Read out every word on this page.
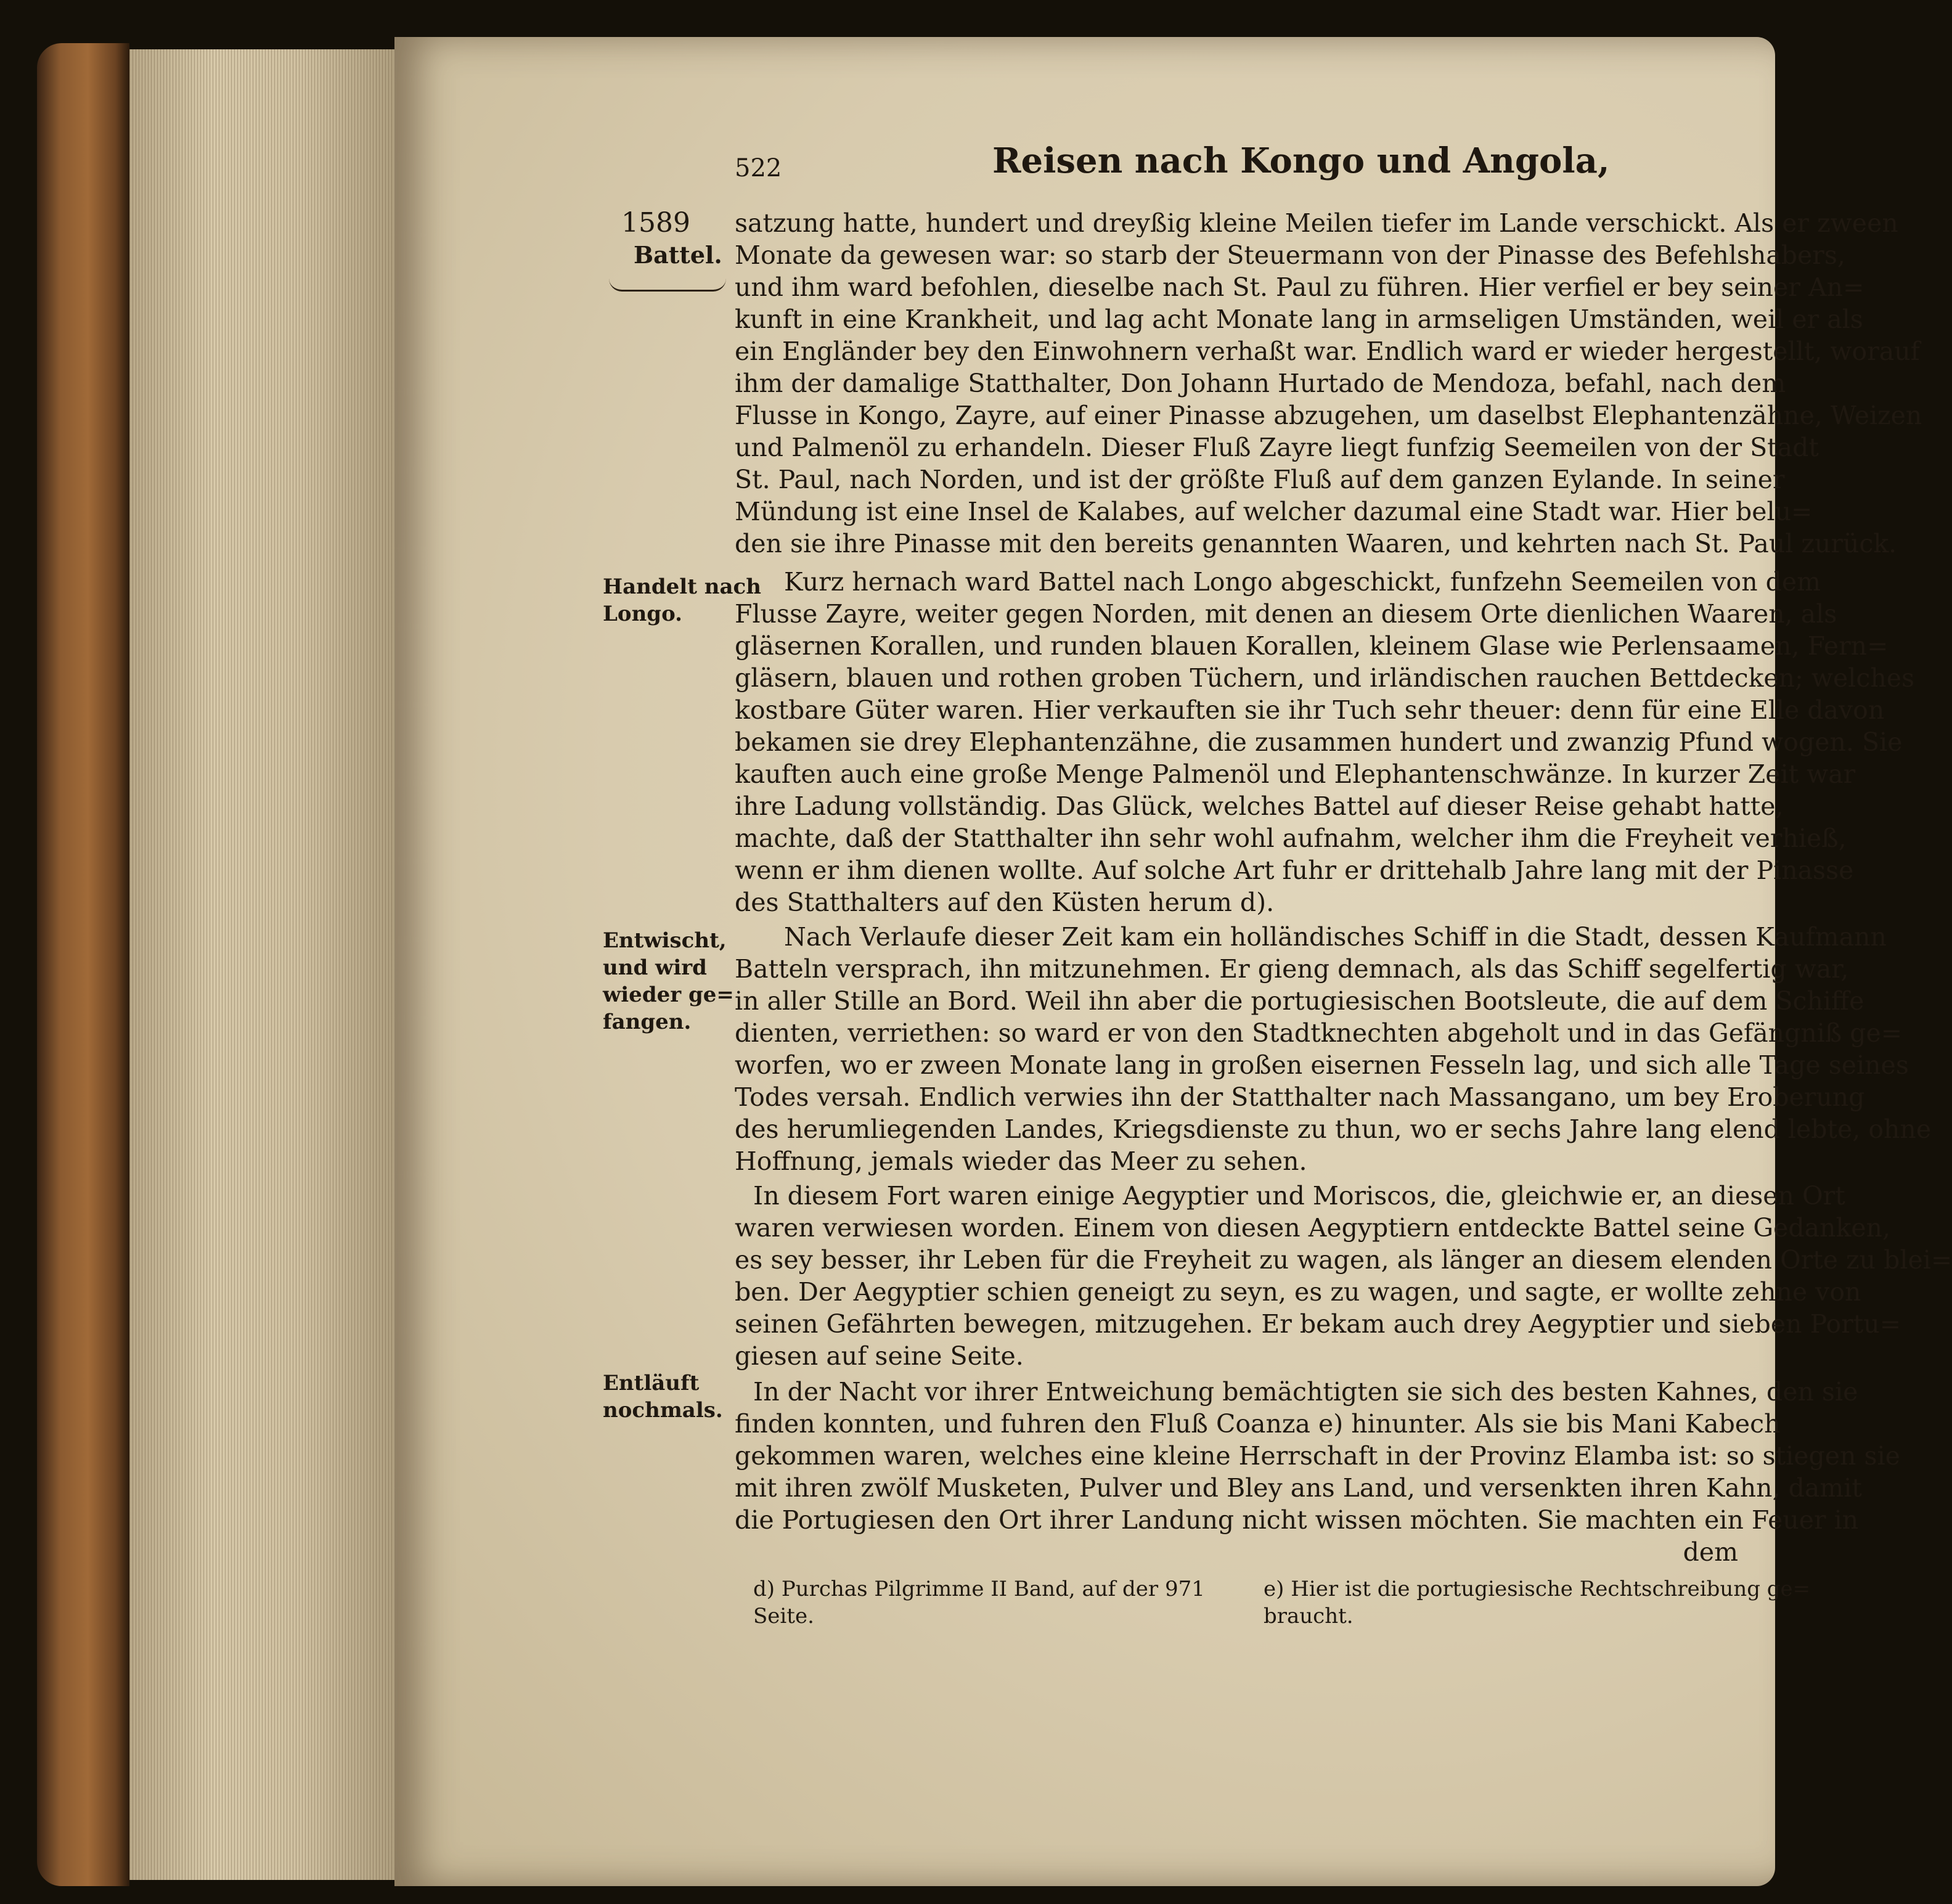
522	Reisen nach Kongo und Angola,
1589
Battel.
Handelt nach
Longo.
Entwischt,
und wird
wieder ge=
fangen.
Entläuft
nochmals.
satzung hatte, hundert und dreyßig kleine Meilen tiefer im Lande verschickt. Als er zween
Monate da gewesen war: so starb der Steuermann von der Pinasse des Befehlshabers,
und ihm ward befohlen, dieselbe nach St. Paul zu führen. Hier verfiel er bey seiner An=
kunft in eine Krankheit, und lag acht Monate lang in armseligen Umständen, weil er als
ein Engländer bey den Einwohnern verhaßt war. Endlich ward er wieder hergestellt, worauf
ihm der damalige Statthalter, Don Johann Hurtado de Mendoza, befahl, nach dem
Flusse in Kongo, Zayre, auf einer Pinasse abzugehen, um daselbst Elephantenzähne, Weizen
und Palmenöl zu erhandeln. Dieser Fluß Zayre liegt funfzig Seemeilen von der Stadt
St. Paul, nach Norden, und ist der größte Fluß auf dem ganzen Eylande. In seiner
Mündung ist eine Insel de Kalabes, auf welcher dazumal eine Stadt war. Hier belu=
den sie ihre Pinasse mit den bereits genannten Waaren, und kehrten nach St. Paul zurück.
Kurz hernach ward Battel nach Longo abgeschickt, funfzehn Seemeilen von dem
Flusse Zayre, weiter gegen Norden, mit denen an diesem Orte dienlichen Waaren, als
gläsernen Korallen, und runden blauen Korallen, kleinem Glase wie Perlensaamen, Fern=
gläsern, blauen und rothen groben Tüchern, und irländischen rauchen Bettdecken; welches
kostbare Güter waren. Hier verkauften sie ihr Tuch sehr theuer: denn für eine Elle davon
bekamen sie drey Elephantenzähne, die zusammen hundert und zwanzig Pfund wogen. Sie
kauften auch eine große Menge Palmenöl und Elephantenschwänze. In kurzer Zeit war
ihre Ladung vollständig. Das Glück, welches Battel auf dieser Reise gehabt hatte,
machte, daß der Statthalter ihn sehr wohl aufnahm, welcher ihm die Freyheit verhieß,
wenn er ihm dienen wollte. Auf solche Art fuhr er drittehalb Jahre lang mit der Pinasse
des Statthalters auf den Küsten herum d).
Nach Verlaufe dieser Zeit kam ein holländisches Schiff in die Stadt, dessen Kaufmann
Batteln versprach, ihn mitzunehmen. Er gieng demnach, als das Schiff segelfertig war,
in aller Stille an Bord. Weil ihn aber die portugiesischen Bootsleute, die auf dem Schiffe
dienten, verriethen: so ward er von den Stadtknechten abgeholt und in das Gefängniß ge=
worfen, wo er zween Monate lang in großen eisernen Fesseln lag, und sich alle Tage seines
Todes versah. Endlich verwies ihn der Statthalter nach Massangano, um bey Eroberung
des herumliegenden Landes, Kriegsdienste zu thun, wo er sechs Jahre lang elend lebte, ohne
Hoffnung, jemals wieder das Meer zu sehen.
In diesem Fort waren einige Aegyptier und Moriscos, die, gleichwie er, an diesen Ort
waren verwiesen worden. Einem von diesen Aegyptiern entdeckte Battel seine Gedanken,
es sey besser, ihr Leben für die Freyheit zu wagen, als länger an diesem elenden Orte zu blei=
ben. Der Aegyptier schien geneigt zu seyn, es zu wagen, und sagte, er wollte zehne von
seinen Gefährten bewegen, mitzugehen. Er bekam auch drey Aegyptier und sieben Portu=
giesen auf seine Seite.
In der Nacht vor ihrer Entweichung bemächtigten sie sich des besten Kahnes, den sie
finden konnten, und fuhren den Fluß Coanza e) hinunter. Als sie bis Mani Kabech
gekommen waren, welches eine kleine Herrschaft in der Provinz Elamba ist: so stiegen sie
mit ihren zwölf Musketen, Pulver und Bley ans Land, und versenkten ihren Kahn, damit
die Portugiesen den Ort ihrer Landung nicht wissen möchten. Sie machten ein Feuer in
dem
d) Purchas Pilgrimme II Band, auf der 971
Seite.
e) Hier ist die portugiesische Rechtschreibung ge=
braucht.
